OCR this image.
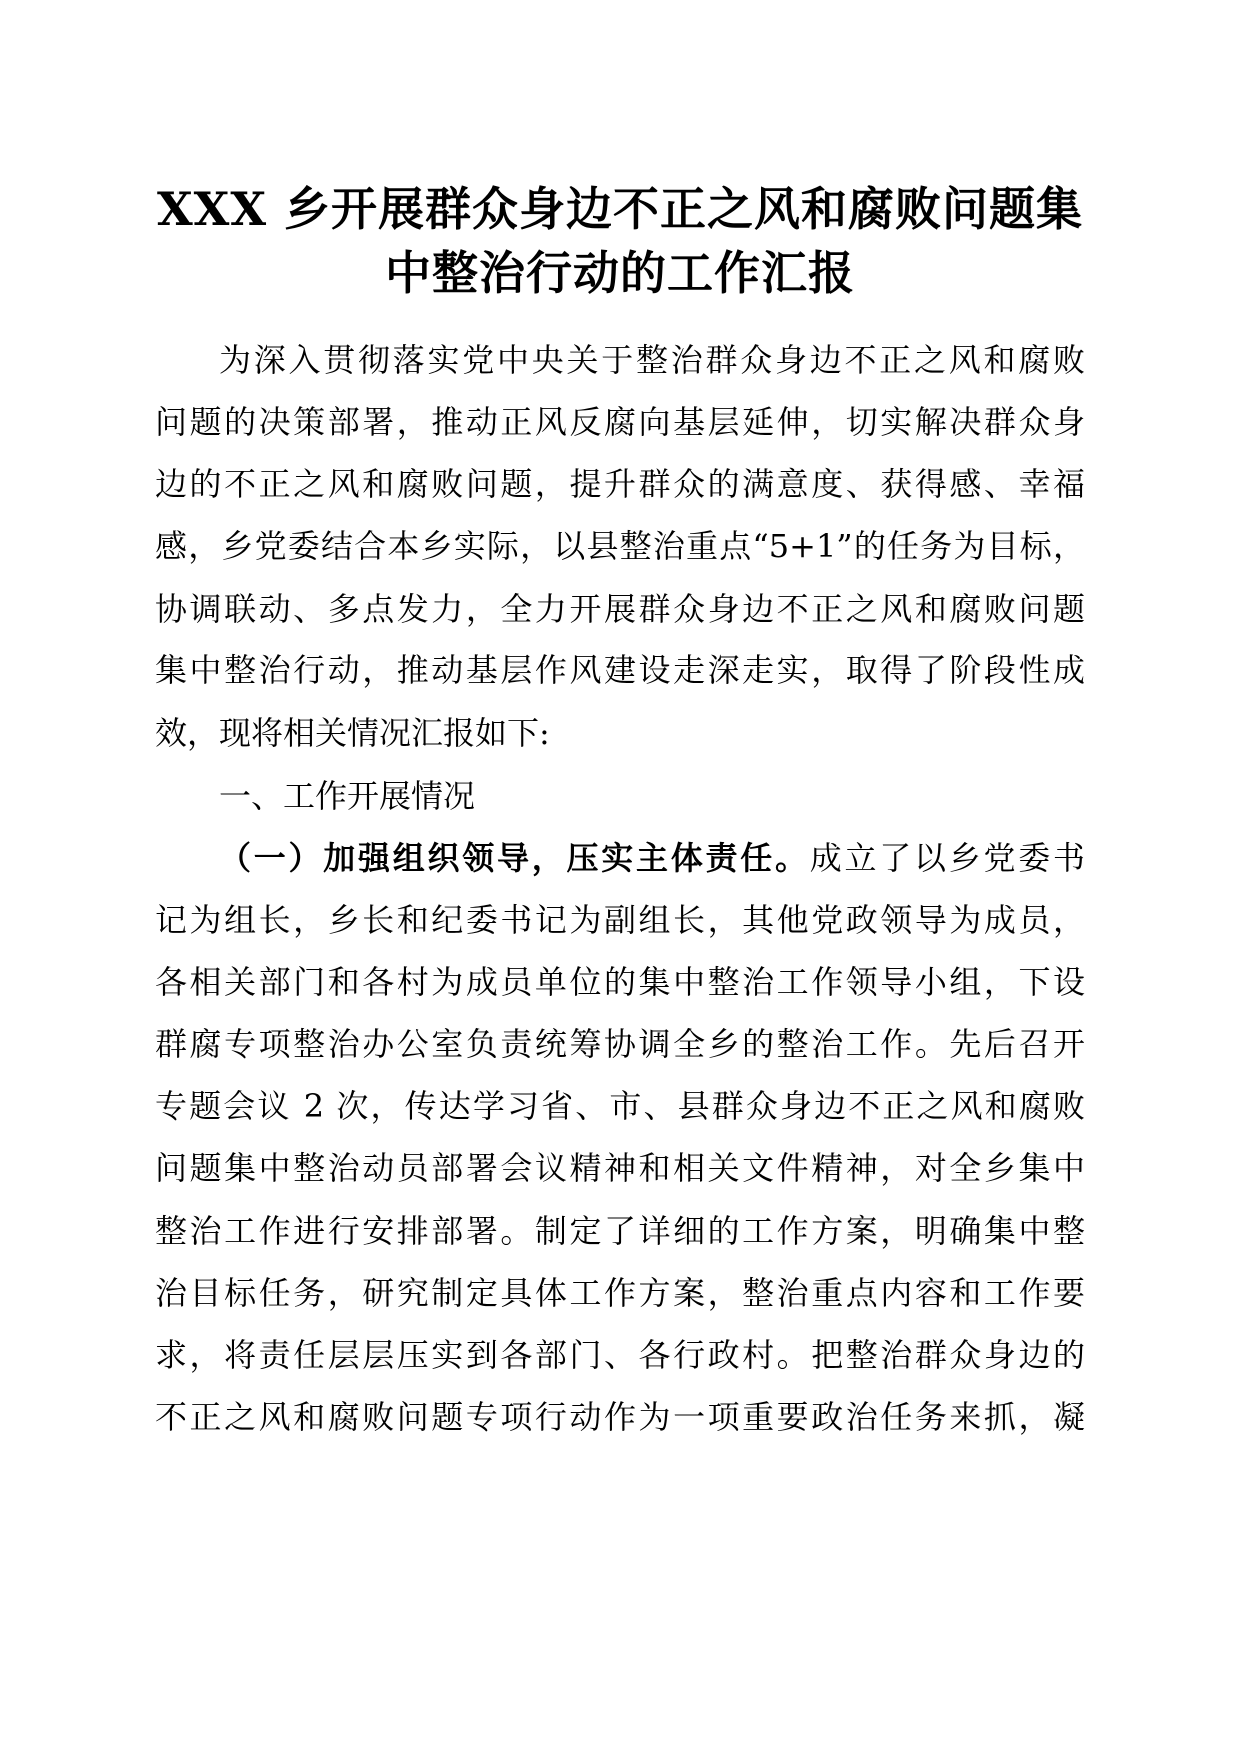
XXX 乡开展群众身边不正之风和腐败问题集
中整治行动的工作汇报
为深入贯彻落实党中央关于整治群众身边不正之风和腐败
问题的决策部署，推动正风反腐向基层延伸，切实解决群众身
边的不正之风和腐败问题，提升群众的满意度、获得感、幸福
感，乡党委结合本乡实际，以县整治重点“5+1”的任务为目标，
协调联动、多点发力，全力开展群众身边不正之风和腐败问题
集中整治行动，推动基层作风建设走深走实，取得了阶段性成
效，现将相关情况汇报如下:
一、工作开展情况
（一）加强组织领导，压实主体责任。成立了以乡党委书
记为组长，乡长和纪委书记为副组长，其他党政领导为成员，
各相关部门和各村为成员单位的集中整治工作领导小组，下设
群腐专项整治办公室负责统筹协调全乡的整治工作。先后召开
专题会议 2 次，传达学习省、市、县群众身边不正之风和腐败
问题集中整治动员部署会议精神和相关文件精神，对全乡集中
整治工作进行安排部署。制定了详细的工作方案，明确集中整
治目标任务，研究制定具体工作方案，整治重点内容和工作要
求，将责任层层压实到各部门、各行政村。把整治群众身边的
不正之风和腐败问题专项行动作为一项重要政治任务来抓，凝
